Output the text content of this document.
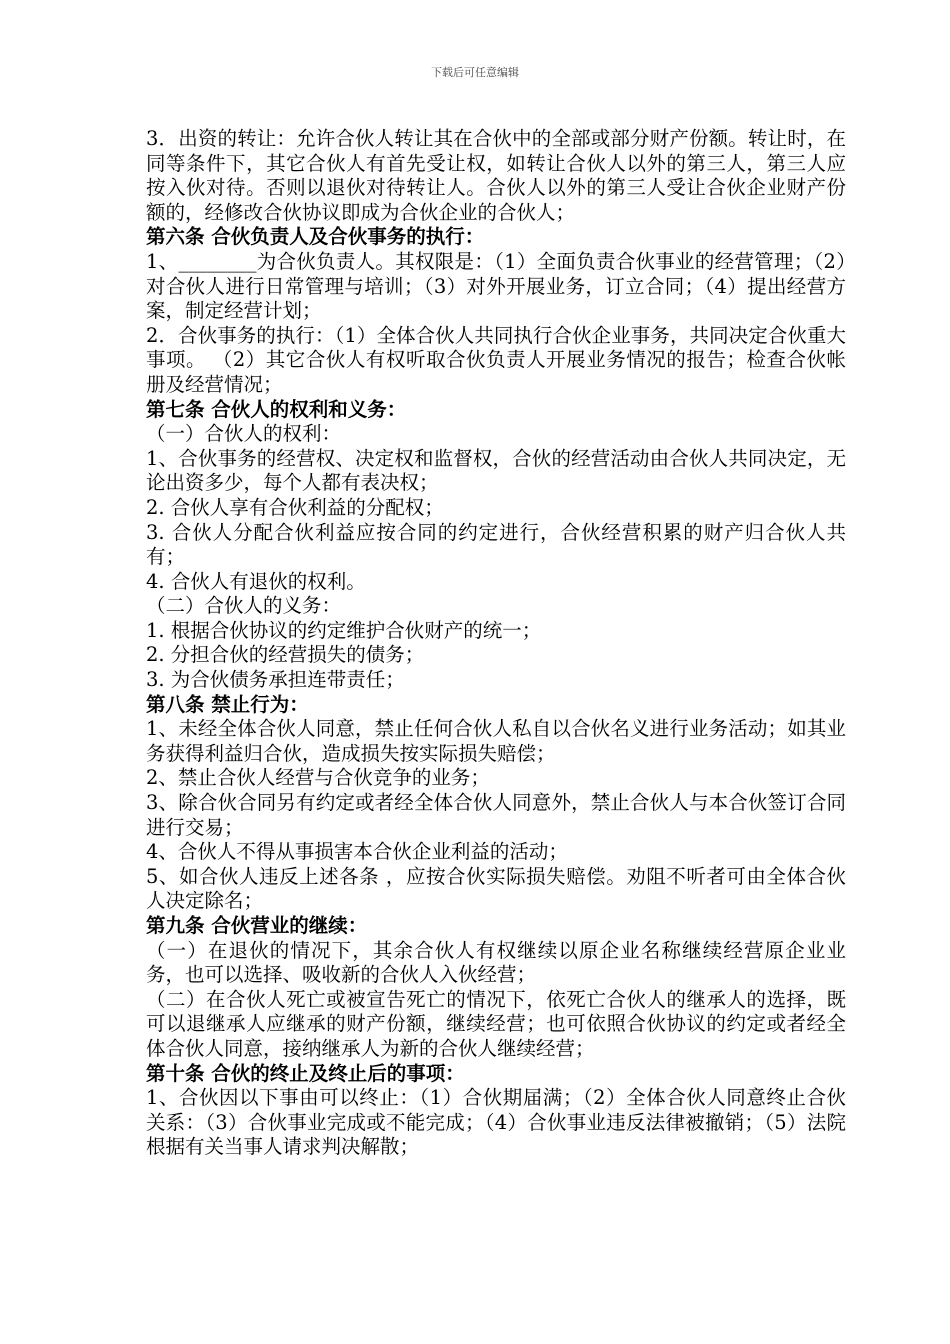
下载后可任意编辑

3．出资的转让：允许合伙人转让其在合伙中的全部或部分财产份额。转让时，在同等条件下，其它合伙人有首先受让权，如转让合伙人以外的第三人，第三人应按入伙对待。否则以退伙对待转让人。合伙人以外的第三人受让合伙企业财产份额的，经修改合伙协议即成为合伙企业的合伙人；

第六条 合伙负责人及合伙事务的执行：

1、________为合伙负责人。其权限是：（1）全面负责合伙事业的经营管理；（2）对合伙人进行日常管理与培训；（3）对外开展业务，订立合同；（4）提出经营方案，制定经营计划；

2．合伙事务的执行：（1）全体合伙人共同执行合伙企业事务，共同决定合伙重大事项。 （2）其它合伙人有权听取合伙负责人开展业务情况的报告；检查合伙帐册及经营情况；

第七条 合伙人的权利和义务：

（一）合伙人的权利：

1、合伙事务的经营权、决定权和监督权，合伙的经营活动由合伙人共同决定，无论出资多少，每个人都有表决权；

2. 合伙人享有合伙利益的分配权；

3. 合伙人分配合伙利益应按合同的约定进行，合伙经营积累的财产归合伙人共有；

4. 合伙人有退伙的权利。

（二）合伙人的义务：

1. 根据合伙协议的约定维护合伙财产的统一；

2. 分担合伙的经营损失的债务；

3. 为合伙债务承担连带责任；

第八条 禁止行为：

1、未经全体合伙人同意，禁止任何合伙人私自以合伙名义进行业务活动；如其业务获得利益归合伙，造成损失按实际损失赔偿；

2、禁止合伙人经营与合伙竞争的业务；

3、除合伙合同另有约定或者经全体合伙人同意外，禁止合伙人与本合伙签订合同进行交易；

4、合伙人不得从事损害本合伙企业利益的活动；

5、如合伙人违反上述各条 ，应按合伙实际损失赔偿。劝阻不听者可由全体合伙人决定除名；

第九条 合伙营业的继续：

（一）在退伙的情况下，其余合伙人有权继续以原企业名称继续经营原企业业务，也可以选择、吸收新的合伙人入伙经营；

（二）在合伙人死亡或被宣告死亡的情况下，依死亡合伙人的继承人的选择，既可以退继承人应继承的财产份额，继续经营；也可依照合伙协议的约定或者经全体合伙人同意，接纳继承人为新的合伙人继续经营；

第十条 合伙的终止及终止后的事项：

1、合伙因以下事由可以终止：（1）合伙期届满；（2）全体合伙人同意终止合伙关系：（3）合伙事业完成或不能完成；（4）合伙事业违反法律被撤销；（5）法院根据有关当事人请求判决解散；
